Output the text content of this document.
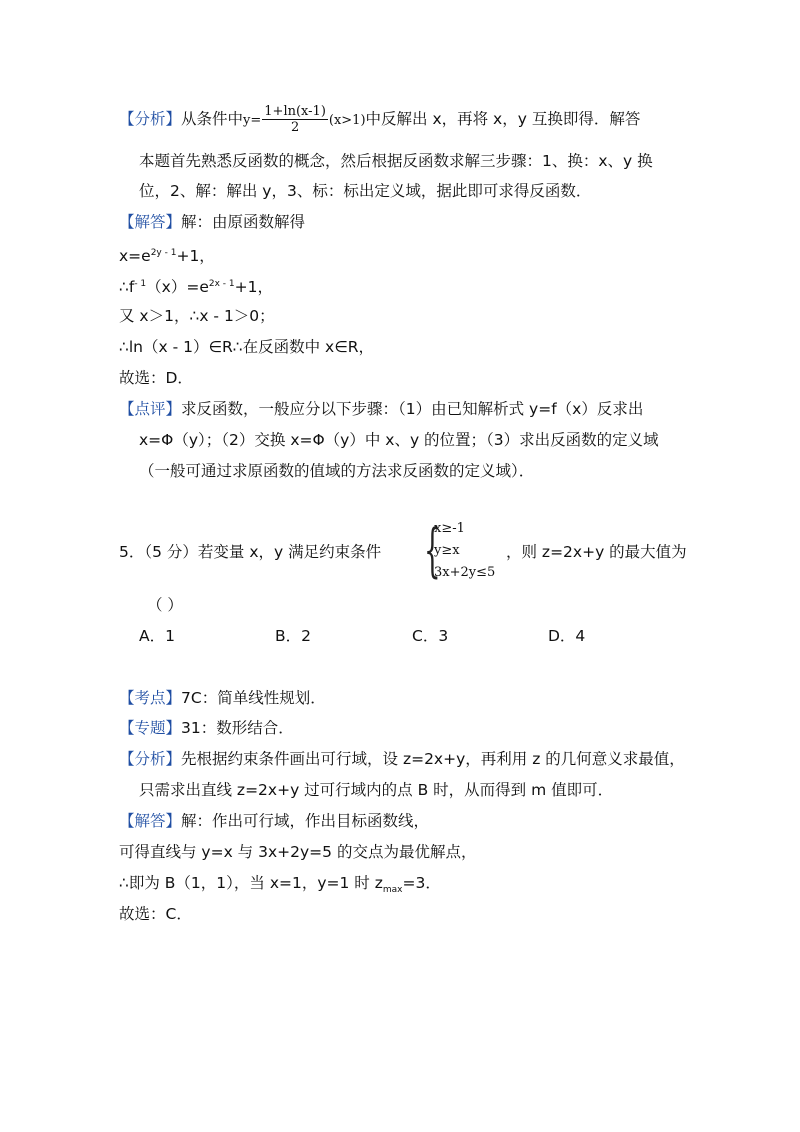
【分析】从条件中$y= \frac{1+\ln(x-1)}{2} (x>1)$中反解出 x，再将 x，y 互换即得．解答
本题首先熟悉反函数的概念，然后根据反函数求解三步骤：1、换：x、y 换
位，2、解：解出 y，3、标：标出定义域，据此即可求得反函数．
【解答】解：由原函数解得
$x=e^{2y - 1}+1$，
$\therefore f^{- 1}(x)=e^{2x - 1}+1$，
又 x＞1，∴x - 1＞0；
∴ln（x - 1）∈R∴在反函数中 x∈R，
故选：D．
【点评】求反函数，一般应分以下步骤：（1）由已知解析式 y=f（x）反求出
x=Φ（y）；（2）交换 x=Φ（y）中 x、y 的位置；（3）求出反函数的定义域
（一般可通过求原函数的值域的方法求反函数的定义域）．
5．（5 分）若变量 x，y 满足约束条件 {
x≥-1
y≥x
3x+2y≤5
，则 z=2x+y 的最大值为
（ ）
A．1	B．2	C．3	D．4
【考点】7C：简单线性规划．
【专题】31：数形结合．
【分析】先根据约束条件画出可行域，设 z=2x+y，再利用 z 的几何意义求最值，
只需求出直线 z=2x+y 过可行域内的点 B 时，从而得到 m 值即可．
【解答】解：作出可行域，作出目标函数线，
可得直线与 y=x 与 3x+2y=5 的交点为最优解点，
∴即为 B（1，1），当 x=1，y=1 时 $z_{max}=3$．
故选：C．
